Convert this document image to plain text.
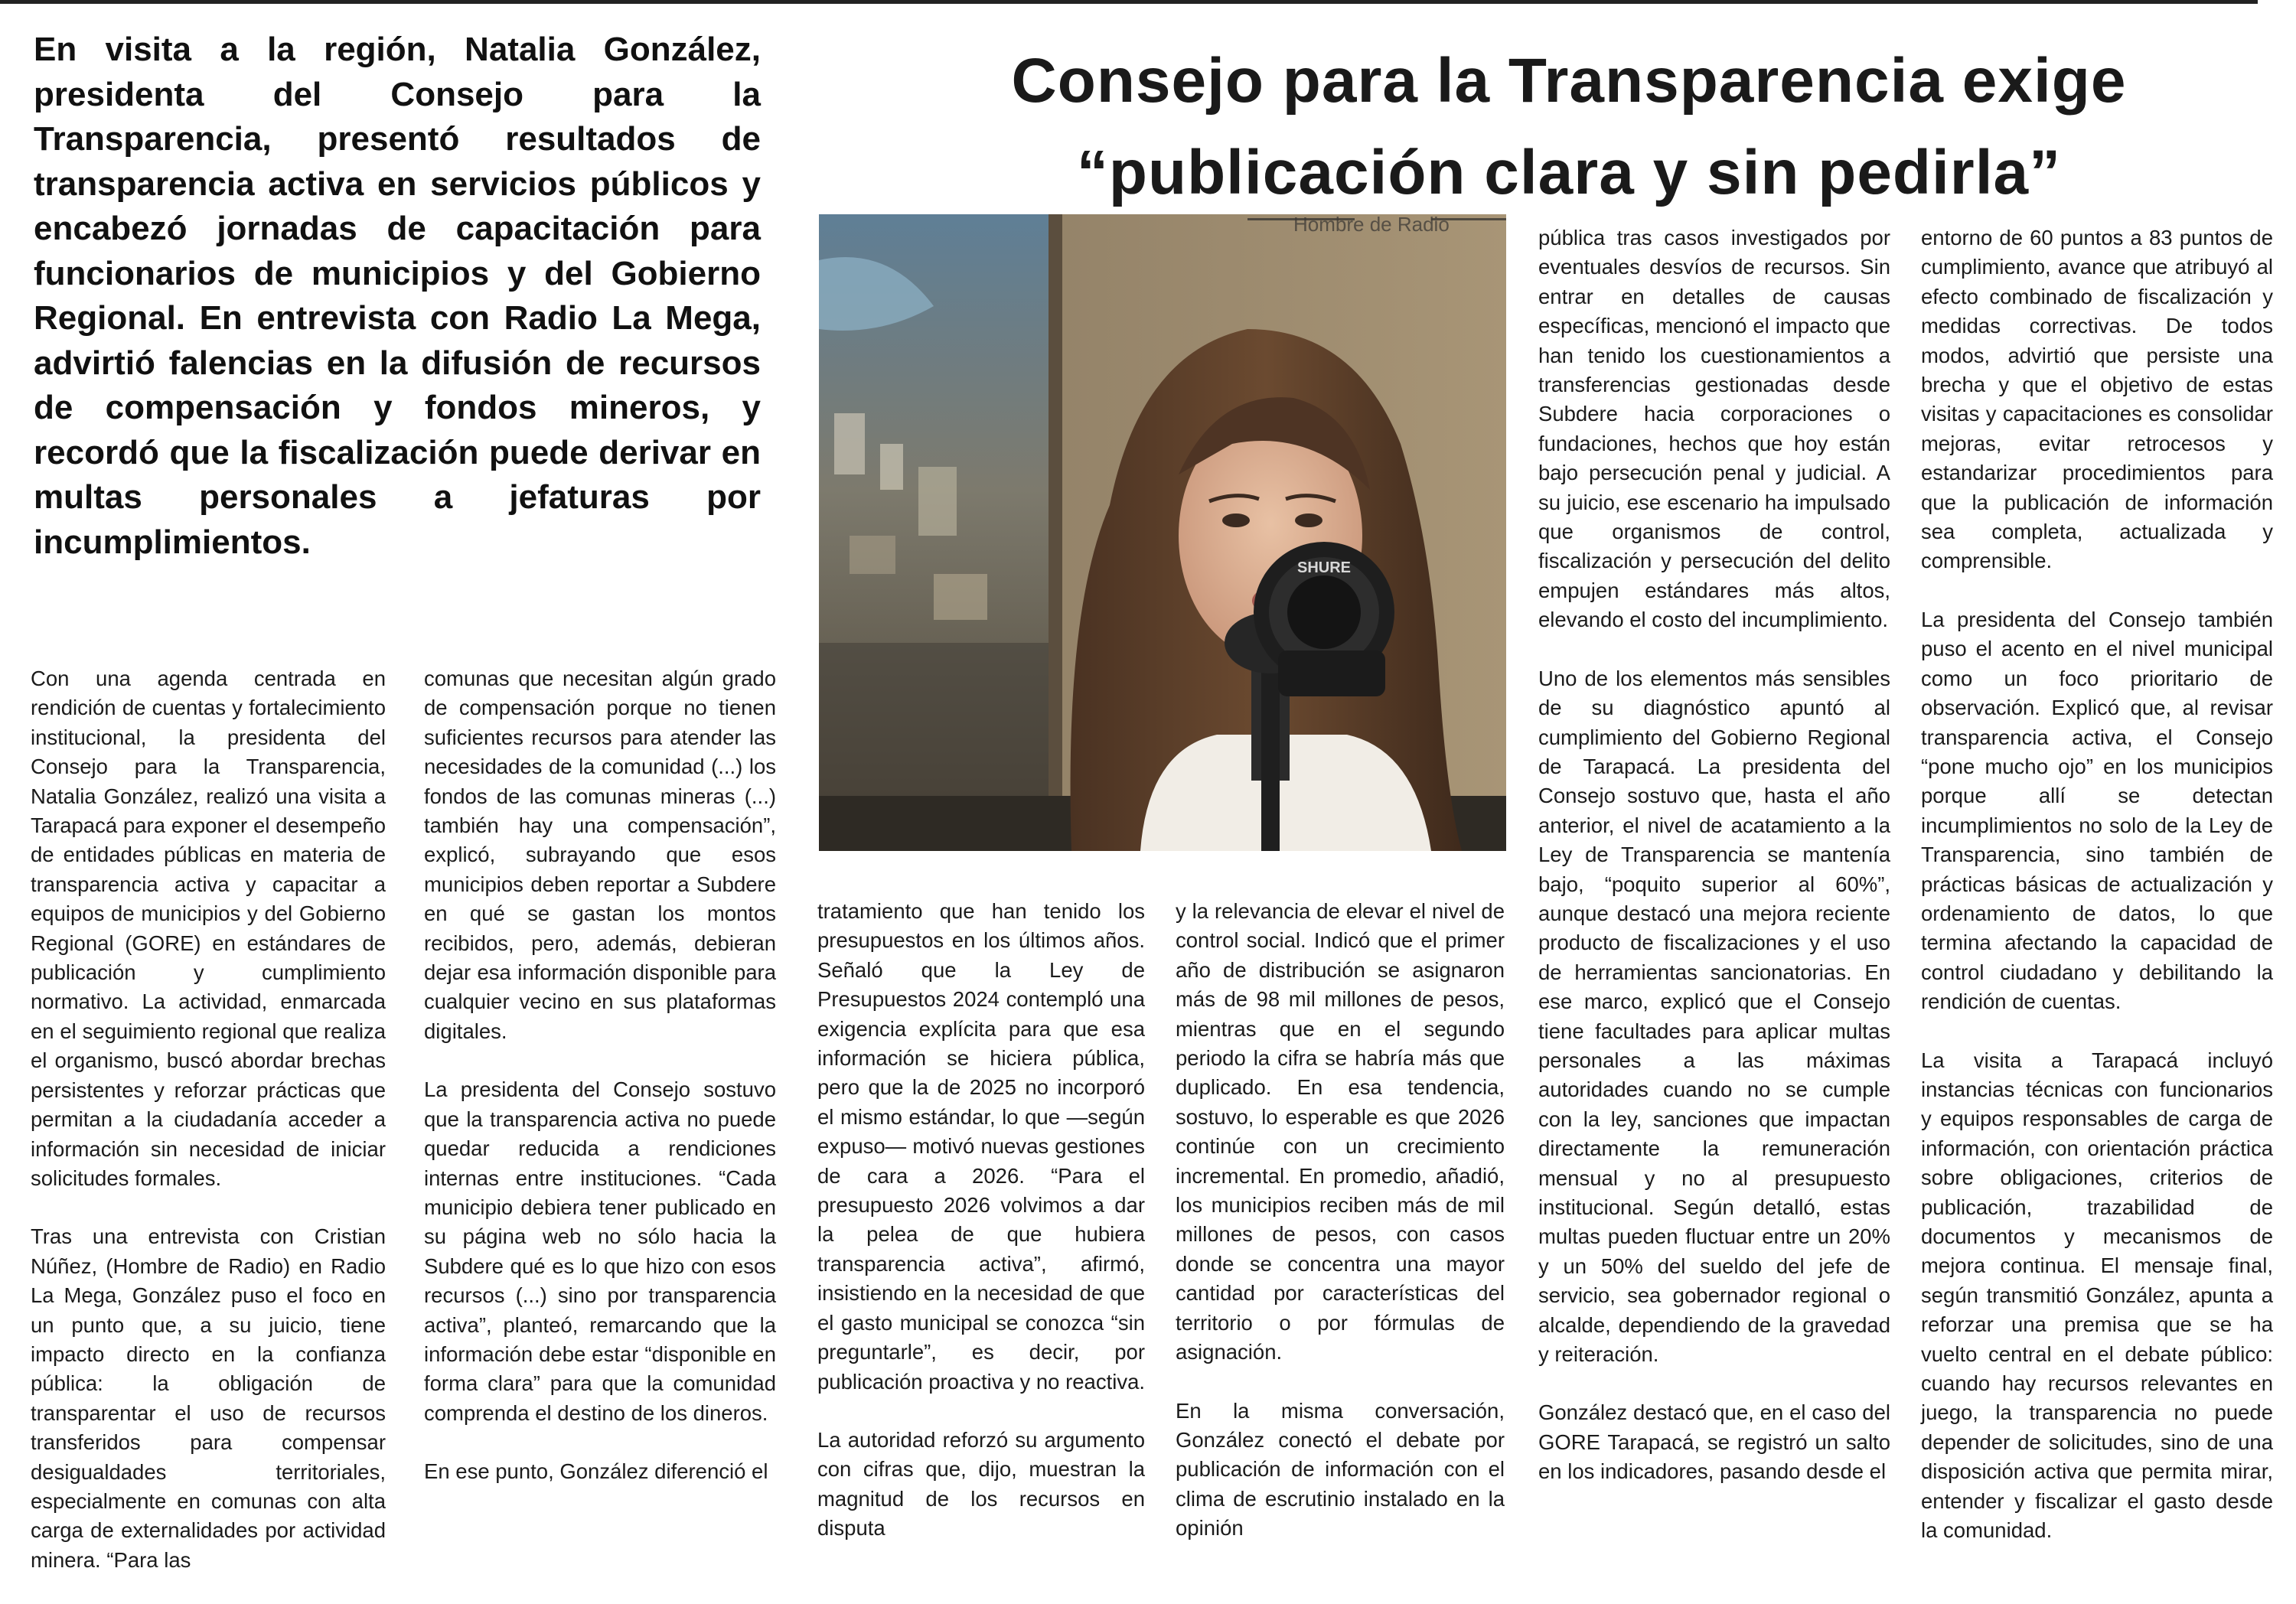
En visita a la región, Natalia González, presidenta del Consejo para la Transparencia, presentó resultados de transparencia activa en servicios públicos y encabezó jornadas de capacitación para funcionarios de municipios y del Gobierno Regional. En entrevista con Radio La Mega, advirtió falencias en la difusión de recursos de compensación y fondos mineros, y recordó que la fiscalización puede derivar en multas personales a jefaturas por incumplimientos.

Consejo para la Transparencia exige
“publicación clara y sin pedirla”
SHURE
Hombre de Radio

Con una agenda centrada en rendición de cuentas y fortalecimiento institucional, la presidenta del Consejo para la Transparencia, Natalia González, realizó una visita a Tarapacá para exponer el desempeño de entidades públicas en materia de transparencia activa y capacitar a equipos de municipios y del Gobierno Regional (GORE) en estándares de publicación y cumplimiento normativo. La actividad, enmarcada en el seguimiento regional que realiza el organismo, buscó abordar brechas persistentes y reforzar prácticas que permitan a la ciudadanía acceder a información sin necesidad de iniciar solicitudes formales.

Tras una entrevista con Cristian Núñez, (Hombre de Radio) en Radio La Mega, González puso el foco en un punto que, a su juicio, tiene impacto directo en la confianza pública: la obligación de transparentar el uso de recursos transferidos para compensar desigualdades territoriales, especialmente en comunas con alta carga de externalidades por actividad minera. “Para las

comunas que necesitan algún grado de compensación porque no tienen suficientes recursos para atender las necesidades de la comunidad (...) los fondos de las comunas mineras (...) también hay una compensación”, explicó, subrayando que esos municipios deben reportar a Subdere en qué se gastan los montos recibidos, pero, además, debieran dejar esa información disponible para cualquier vecino en sus plataformas digitales.

La presidenta del Consejo sostuvo que la transparencia activa no puede quedar reducida a rendiciones internas entre instituciones. “Cada municipio debiera tener publicado en su página web no sólo hacia la Subdere qué es lo que hizo con esos recursos (...) sino por transparencia activa”, planteó, remarcando que la información debe estar “disponible en forma clara” para que la comunidad comprenda el destino de los dineros.

En ese punto, González diferenció el

tratamiento que han tenido los presupuestos en los últimos años. Señaló que la Ley de Presupuestos 2024 contempló una exigencia explícita para que esa información se hiciera pública, pero que la de 2025 no incorporó el mismo estándar, lo que —según expuso— motivó nuevas gestiones de cara a 2026. “Para el presupuesto 2026 volvimos a dar la pelea de que hubiera transparencia activa”, afirmó, insistiendo en la necesidad de que el gasto municipal se conozca “sin preguntarle”, es decir, por publicación proactiva y no reactiva.

La autoridad reforzó su argumento con cifras que, dijo, muestran la magnitud de los recursos en disputa

y la relevancia de elevar el nivel de control social. Indicó que el primer año de distribución se asignaron más de 98 mil millones de pesos, mientras que en el segundo periodo la cifra se habría más que duplicado. En esa tendencia, sostuvo, lo esperable es que 2026 continúe con un crecimiento incremental. En promedio, añadió, los municipios reciben más de mil millones de pesos, con casos donde se concentra una mayor cantidad por características del territorio o por fórmulas de asignación.

En la misma conversación, González conectó el debate por publicación de información con el clima de escrutinio instalado en la opinión

pública tras casos investigados por eventuales desvíos de recursos. Sin entrar en detalles de causas específicas, mencionó el impacto que han tenido los cuestionamientos a transferencias gestionadas desde Subdere hacia corporaciones o fundaciones, hechos que hoy están bajo persecución penal y judicial. A su juicio, ese escenario ha impulsado que organismos de control, fiscalización y persecución del delito empujen estándares más altos, elevando el costo del incumplimiento.

Uno de los elementos más sensibles de su diagnóstico apuntó al cumplimiento del Gobierno Regional de Tarapacá. La presidenta del Consejo sostuvo que, hasta el año anterior, el nivel de acatamiento a la Ley de Transparencia se mantenía bajo, “poquito superior al 60%”, aunque destacó una mejora reciente producto de fiscalizaciones y el uso de herramientas sancionatorias. En ese marco, explicó que el Consejo tiene facultades para aplicar multas personales a las máximas autoridades cuando no se cumple con la ley, sanciones que impactan directamente la remuneración mensual y no al presupuesto institucional. Según detalló, estas multas pueden fluctuar entre un 20% y un 50% del sueldo del jefe de servicio, sea gobernador regional o alcalde, dependiendo de la gravedad y reiteración.

González destacó que, en el caso del GORE Tarapacá, se registró un salto en los indicadores, pasando desde el

entorno de 60 puntos a 83 puntos de cumplimiento, avance que atribuyó al efecto combinado de fiscalización y medidas correctivas. De todos modos, advirtió que persiste una brecha y que el objetivo de estas visitas y capacitaciones es consolidar mejoras, evitar retrocesos y estandarizar procedimientos para que la publicación de información sea completa, actualizada y comprensible.

La presidenta del Consejo también puso el acento en el nivel municipal como un foco prioritario de observación. Explicó que, al revisar transparencia activa, el Consejo “pone mucho ojo” en los municipios porque allí se detectan incumplimientos no solo de la Ley de Transparencia, sino también de prácticas básicas de actualización y ordenamiento de datos, lo que termina afectando la capacidad de control ciudadano y debilitando la rendición de cuentas.

La visita a Tarapacá incluyó instancias técnicas con funcionarios y equipos responsables de carga de información, con orientación práctica sobre obligaciones, criterios de publicación, trazabilidad de documentos y mecanismos de mejora continua. El mensaje final, según transmitió González, apunta a reforzar una premisa que se ha vuelto central en el debate público: cuando hay recursos relevantes en juego, la transparencia no puede depender de solicitudes, sino de una disposición activa que permita mirar, entender y fiscalizar el gasto desde la comunidad.
